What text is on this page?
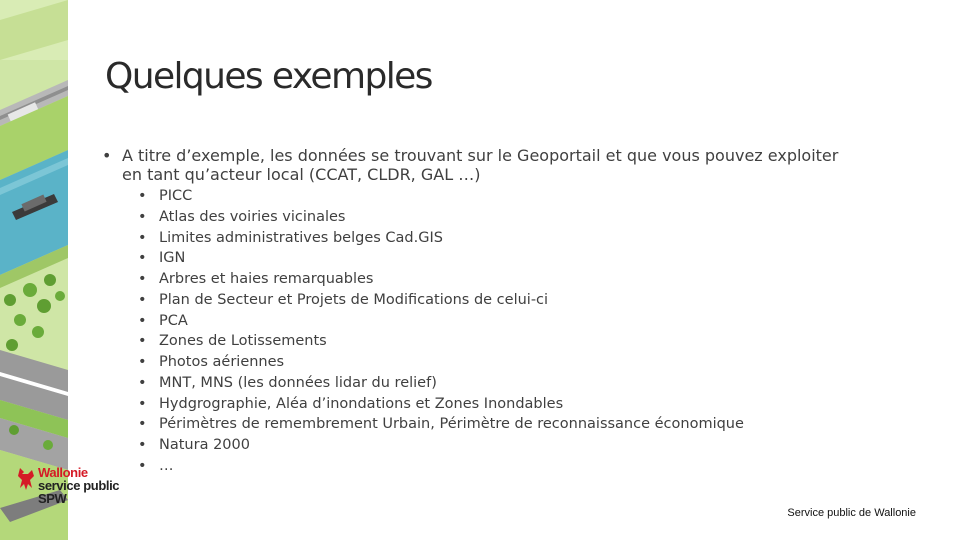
Wallonie
service public
SPW
Quelques exemples
• A titre d’exemple, les données se trouvant sur le Geoportail et que vous pouvez exploiter en tant qu’acteur local (CCAT, CLDR, GAL …)
• PICC
• Atlas des voiries vicinales
• Limites administratives belges Cad.GIS
• IGN
• Arbres et haies remarquables
• Plan de Secteur et Projets de Modifications de celui-ci
• PCA
• Zones de Lotissements
• Photos aériennes
• MNT, MNS (les données lidar du relief)
• Hydgrographie, Aléa d’inondations et Zones Inondables
• Périmètres de remembrement Urbain, Périmètre de reconnaissance économique
• Natura 2000
• …
Service public de Wallonie
